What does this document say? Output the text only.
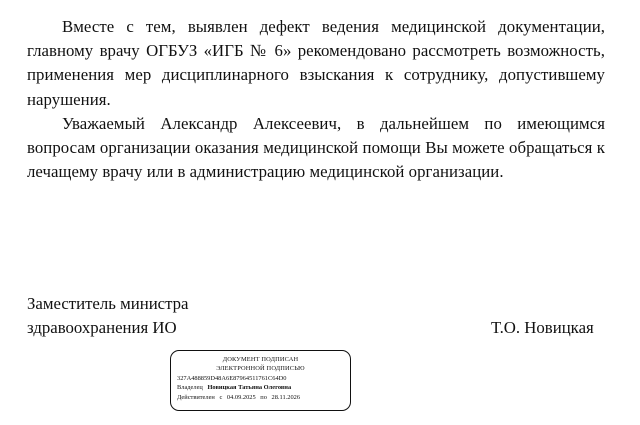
Вместе с тем, выявлен дефект ведения медицинской документации, главному врачу ОГБУЗ «ИГБ № 6» рекомендовано рассмотреть возможность, применения мер дисциплинарного взыскания к сотруднику, допустившему нарушения.

Уважаемый Александр Алексеевич, в дальнейшем по имеющимся вопросам организации оказания медицинской помощи Вы можете обращаться к лечащему врачу или в администрацию медицинской организации.

Заместитель министра
здравоохранения ИО	Т.О. Новицкая
ДОКУМЕНТ ПОДПИСАН
ЭЛЕКТРОННОЙ ПОДПИСЬЮ
327A488859D48A6E87964511761C64D0
Владелец Новицкая Татьяна Олеговна
Действителен с 04.09.2025 по 28.11.2026
